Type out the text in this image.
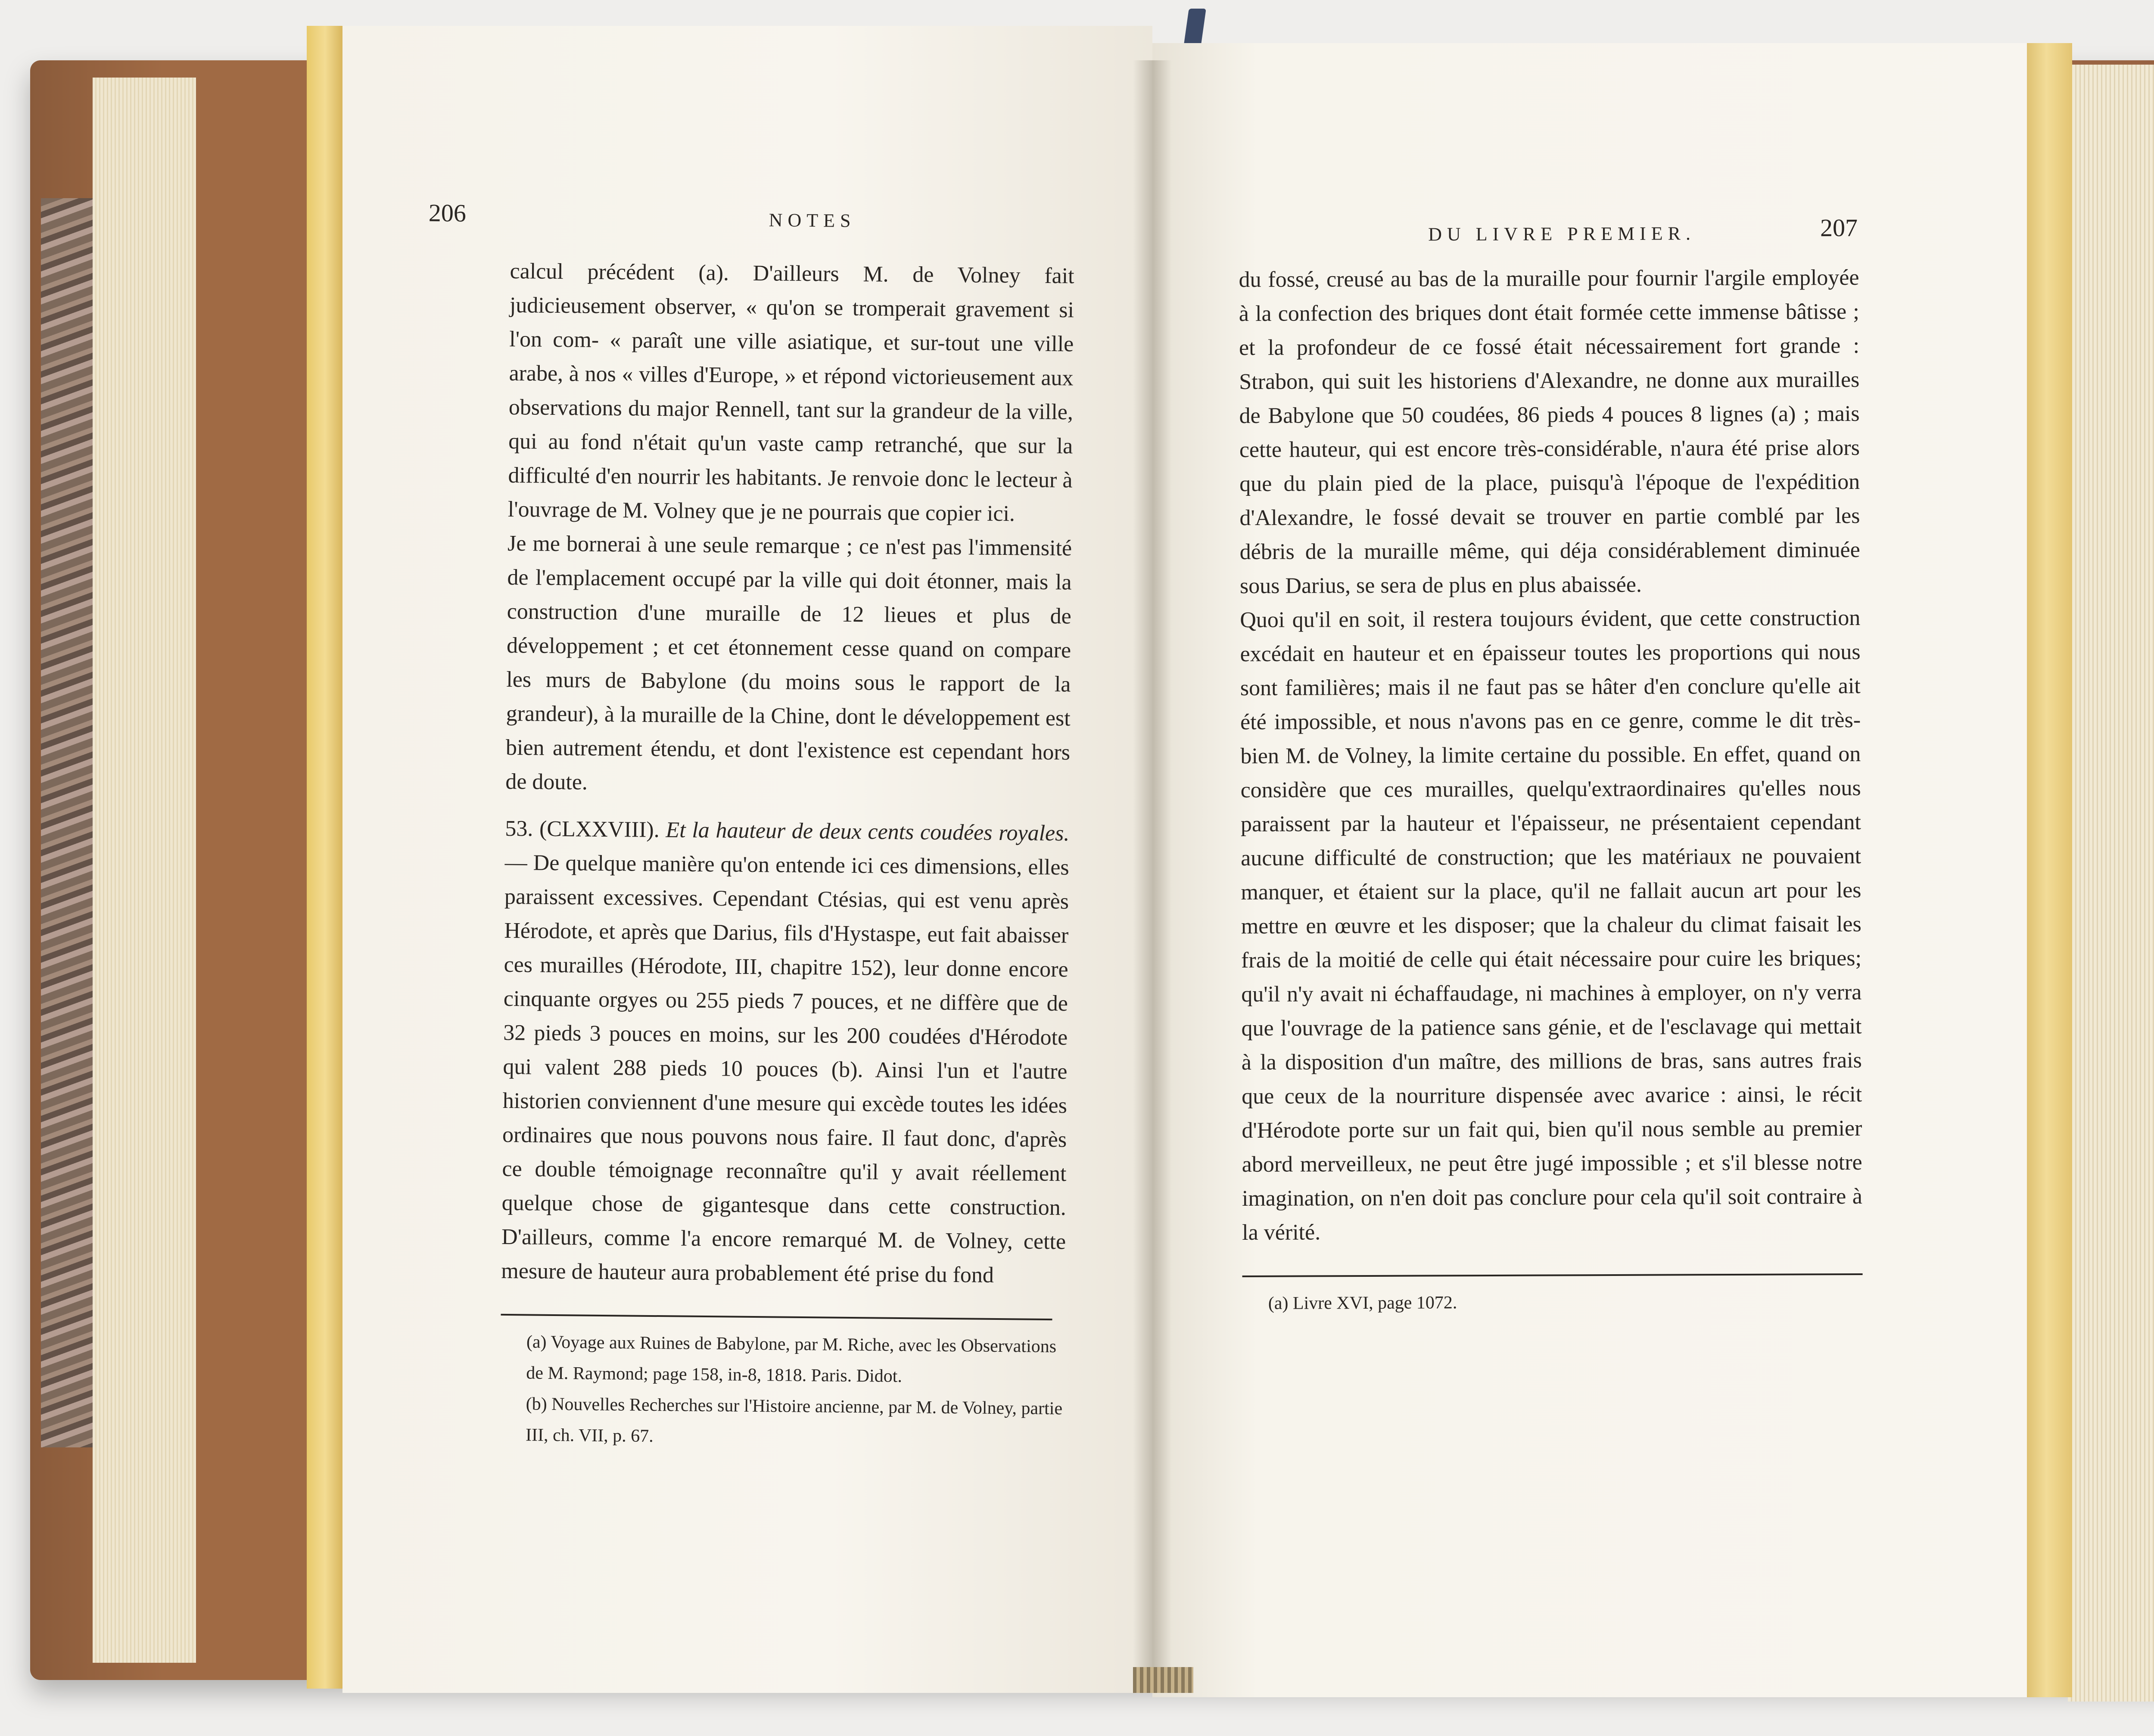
206	NOTES

calcul précédent (a). D'ailleurs M. de Volney fait judicieusement observer, « qu'on se tromperait gravement si l'on com- « paraît une ville asiatique, et sur-tout une ville arabe, à nos « villes d'Europe, » et répond victorieusement aux observations du major Rennell, tant sur la grandeur de la ville, qui au fond n'était qu'un vaste camp retranché, que sur la difficulté d'en nourrir les habitants. Je renvoie donc le lecteur à l'ouvrage de M. Volney que je ne pourrais que copier ici.

Je me bornerai à une seule remarque ; ce n'est pas l'immensité de l'emplacement occupé par la ville qui doit étonner, mais la construction d'une muraille de 12 lieues et plus de développement ; et cet étonnement cesse quand on compare les murs de Babylone (du moins sous le rapport de la grandeur), à la muraille de la Chine, dont le développement est bien autrement étendu, et dont l'existence est cependant hors de doute.

53. (CLXXVIII). Et la hauteur de deux cents coudées royales. — De quelque manière qu'on entende ici ces dimensions, elles paraissent excessives. Cependant Ctésias, qui est venu après Hérodote, et après que Darius, fils d'Hystaspe, eut fait abaisser ces murailles (Hérodote, III, chapitre 152), leur donne encore cinquante orgyes ou 255 pieds 7 pouces, et ne diffère que de 32 pieds 3 pouces en moins, sur les 200 coudées d'Hérodote qui valent 288 pieds 10 pouces (b). Ainsi l'un et l'autre historien conviennent d'une mesure qui excède toutes les idées ordinaires que nous pouvons nous faire. Il faut donc, d'après ce double témoignage reconnaître qu'il y avait réellement quelque chose de gigantesque dans cette construction. D'ailleurs, comme l'a encore remarqué M. de Volney, cette mesure de hauteur aura probablement été prise du fond

(a) Voyage aux Ruines de Babylone, par M. Riche, avec les Observations de M. Raymond; page 158, in-8, 1818. Paris. Didot.

(b) Nouvelles Recherches sur l'Histoire ancienne, par M. de Volney, partie III, ch. VII, p. 67.

DU LIVRE PREMIER.	207

du fossé, creusé au bas de la muraille pour fournir l'argile employée à la confection des briques dont était formée cette immense bâtisse ; et la profondeur de ce fossé était nécessairement fort grande : Strabon, qui suit les historiens d'Alexandre, ne donne aux murailles de Babylone que 50 coudées, 86 pieds 4 pouces 8 lignes (a) ; mais cette hauteur, qui est encore très-considérable, n'aura été prise alors que du plain pied de la place, puisqu'à l'époque de l'expédition d'Alexandre, le fossé devait se trouver en partie comblé par les débris de la muraille même, qui déja considérablement diminuée sous Darius, se sera de plus en plus abaissée.

Quoi qu'il en soit, il restera toujours évident, que cette construction excédait en hauteur et en épaisseur toutes les proportions qui nous sont familières; mais il ne faut pas se hâter d'en conclure qu'elle ait été impossible, et nous n'avons pas en ce genre, comme le dit très-bien M. de Volney, la limite certaine du possible. En effet, quand on considère que ces murailles, quelqu'extraordinaires qu'elles nous paraissent par la hauteur et l'épaisseur, ne présentaient cependant aucune difficulté de construction; que les matériaux ne pouvaient manquer, et étaient sur la place, qu'il ne fallait aucun art pour les mettre en œuvre et les disposer; que la chaleur du climat faisait les frais de la moitié de celle qui était nécessaire pour cuire les briques; qu'il n'y avait ni échaffaudage, ni machines à employer, on n'y verra que l'ouvrage de la patience sans génie, et de l'esclavage qui mettait à la disposition d'un maître, des millions de bras, sans autres frais que ceux de la nourriture dispensée avec avarice : ainsi, le récit d'Hérodote porte sur un fait qui, bien qu'il nous semble au premier abord merveilleux, ne peut être jugé impossible ; et s'il blesse notre imagination, on n'en doit pas conclure pour cela qu'il soit contraire à la vérité.

(a) Livre XVI, page 1072.
